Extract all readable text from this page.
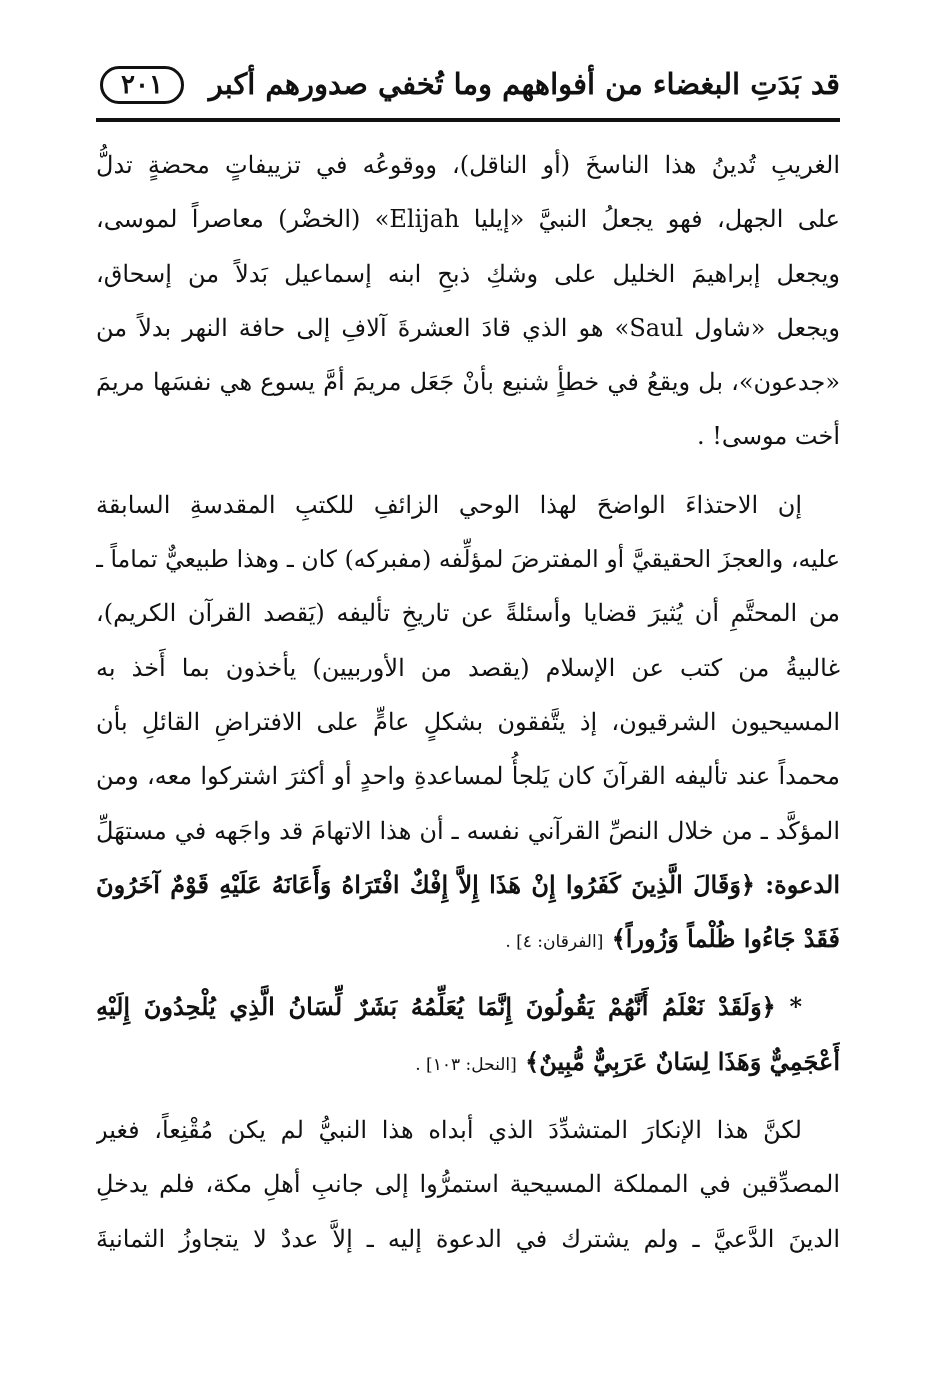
قد بَدَتِ البغضاء من أفواههم وما تُخفي صدورهم أكبر
٢٠١
الغريبِ تُدينُ هذا الناسخَ (أو الناقل)، ووقوعُه في تزييفاتٍ محضةٍ تدلُّ
على الجهل، فهو يجعلُ النبيَّ «إيليا Elijah» (الخضْر) معاصراً لموسى،
ويجعل إبراهيمَ الخليل على وشكِ ذبحِ ابنه إسماعيل بَدلاً من إسحاق،
ويجعل «شاول Saul» هو الذي قادَ العشرةَ آلافِ إلى حافة النهر بدلاً من
«جدعون»، بل ويقعُ في خطأٍ شنيع بأنْ جَعَل مريمَ أمَّ يسوع هي نفسَها مريمَ
أخت موسى! .
إن الاحتذاءَ الواضحَ لهذا الوحي الزائفِ للكتبِ المقدسةِ السابقة
عليه، والعجزَ الحقيقيَّ أو المفترضَ لمؤلِّفه (مفبركه) كان ـ وهذا طبيعيٌّ تماماً ـ
من المحتَّمِ أن يُثيرَ قضايا وأسئلةً عن تاريخِ تأليفه (يَقصد القرآن الكريم)،
غالبيةُ من كتب عن الإسلام (يقصد من الأوربيين) يأخذون بما أَخذ به
المسيحيون الشرقيون، إذ يتَّفقون بشكلٍ عامٍّ على الافتراضِ القائلِ بأن
محمداً عند تأليفه القرآنَ كان يَلجأُ لمساعدةِ واحدٍ أو أكثرَ اشتركوا معه، ومن
المؤكَّد ـ من خلال النصِّ القرآني نفسه ـ أن هذا الاتهامَ قد واجَهه في مستهَلِّ
الدعوة: ﴿وَقَالَ الَّذِينَ كَفَرُوا إِنْ هَذَا إِلاَّ إِفْكٌ افْتَرَاهُ وَأَعَانَهُ عَلَيْهِ قَوْمٌ آخَرُونَ
فَقَدْ جَاءُوا ظُلْماً وَزُوراً﴾ [الفرقان: ٤] .
* ﴿وَلَقَدْ نَعْلَمُ أَنَّهُمْ يَقُولُونَ إِنَّمَا يُعَلِّمُهُ بَشَرٌ لِّسَانُ الَّذِي يُلْحِدُونَ إِلَيْهِ
أَعْجَمِيٌّ وَهَذَا لِسَانٌ عَرَبِيٌّ مُّبِينٌ﴾ [النحل: ١٠٣] .
لكنَّ هذا الإنكارَ المتشدِّدَ الذي أبداه هذا النبيُّ لم يكن مُقْنِعاً، فغير
المصدِّقين في المملكة المسيحية استمرُّوا إلى جانبِ أهلِ مكة، فلم يدخلِ
الدينَ الدَّعيَّ ـ ولم يشترك في الدعوة إليه ـ إلاَّ عددٌ لا يتجاوزُ الثمانيةَ
